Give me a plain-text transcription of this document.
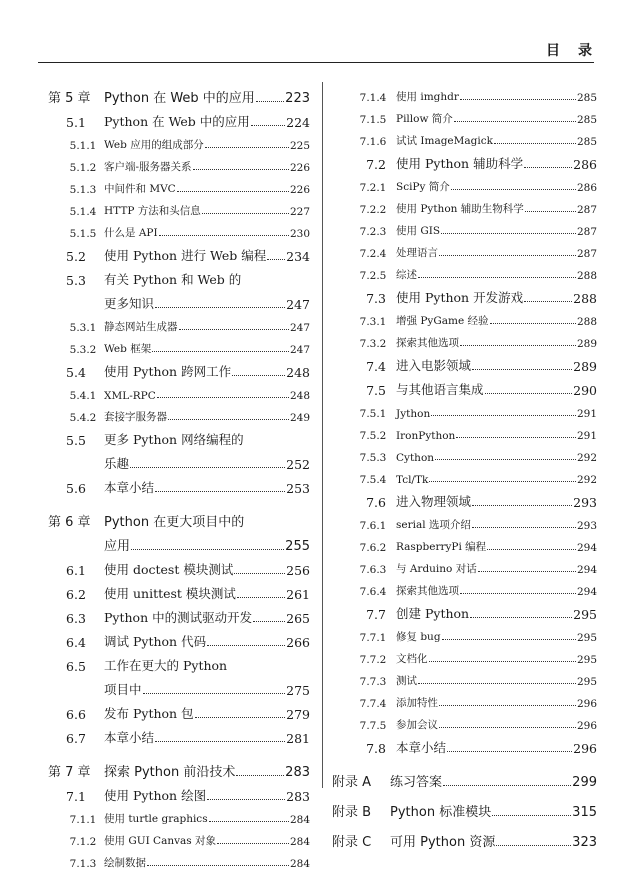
目录
第 5 章	Python 在 Web 中的应用 223
5.1	Python 在 Web 中的应用	224
5.1.1 Web 应用的组成部分	225
5.1.2 客户端-服务器关系	226
5.1.3 中间件和 MVC	226
5.1.4 HTTP 方法和头信息	227
5.1.5 什么是 API	230
5.2	使用 Python 进行 Web 编程 234
5.3	有关 Python 和 Web 的
更多知识	247
5.3.1 静态网站生成器	247
5.3.2 Web 框架	247
5.4	使用 Python 跨网工作	248
5.4.1 XML-RPC	248
5.4.2 套接字服务器	249
5.5	更多 Python 网络编程的
乐趣	252
5.6	本章小结	253
第 6 章	Python 在更大项目中的
应用	255
6.1	使用 doctest 模块测试	256
6.2	使用 unittest 模块测试	261
6.3	Python 中的测试驱动开发	265
6.4	调试 Python 代码	266
6.5	工作在更大的 Python
项目中	275
6.6	发布 Python 包	279
6.7	本章小结	281
第 7 章	探索 Python 前沿技术	283
7.1	使用 Python 绘图	283
7.1.1 使用 turtle graphics	284
7.1.2 使用 GUI Canvas 对象	284
7.1.3 绘制数据	284
7.1.4 使用 imghdr	285
7.1.5 Pillow 简介	285
7.1.6 试试 ImageMagick	285
7.2 使用 Python 辅助科学	286
7.2.1 SciPy 简介	286
7.2.2 使用 Python 辅助生物科学	287
7.2.3 使用 GIS	287
7.2.4 处理语言	287
7.2.5 综述	288
7.3 使用 Python 开发游戏	288
7.3.1 增强 PyGame 经验	288
7.3.2 探索其他选项	289
7.4 进入电影领域	289
7.5 与其他语言集成	290
7.5.1 Jython	291
7.5.2 IronPython	291
7.5.3 Cython	292
7.5.4 Tcl/Tk	292
7.6 进入物理领域	293
7.6.1 serial 选项介绍	293
7.6.2 RaspberryPi 编程	294
7.6.3 与 Arduino 对话	294
7.6.4 探索其他选项	294
7.7 创建 Python	295
7.7.1 修复 bug	295
7.7.2 文档化	295
7.7.3 测试	295
7.7.4 添加特性	296
7.7.5 参加会议	296
7.8 本章小结	296
附录 A	练习答案	299
附录 B	Python 标准模块	315
附录 C	可用 Python 资源	323
